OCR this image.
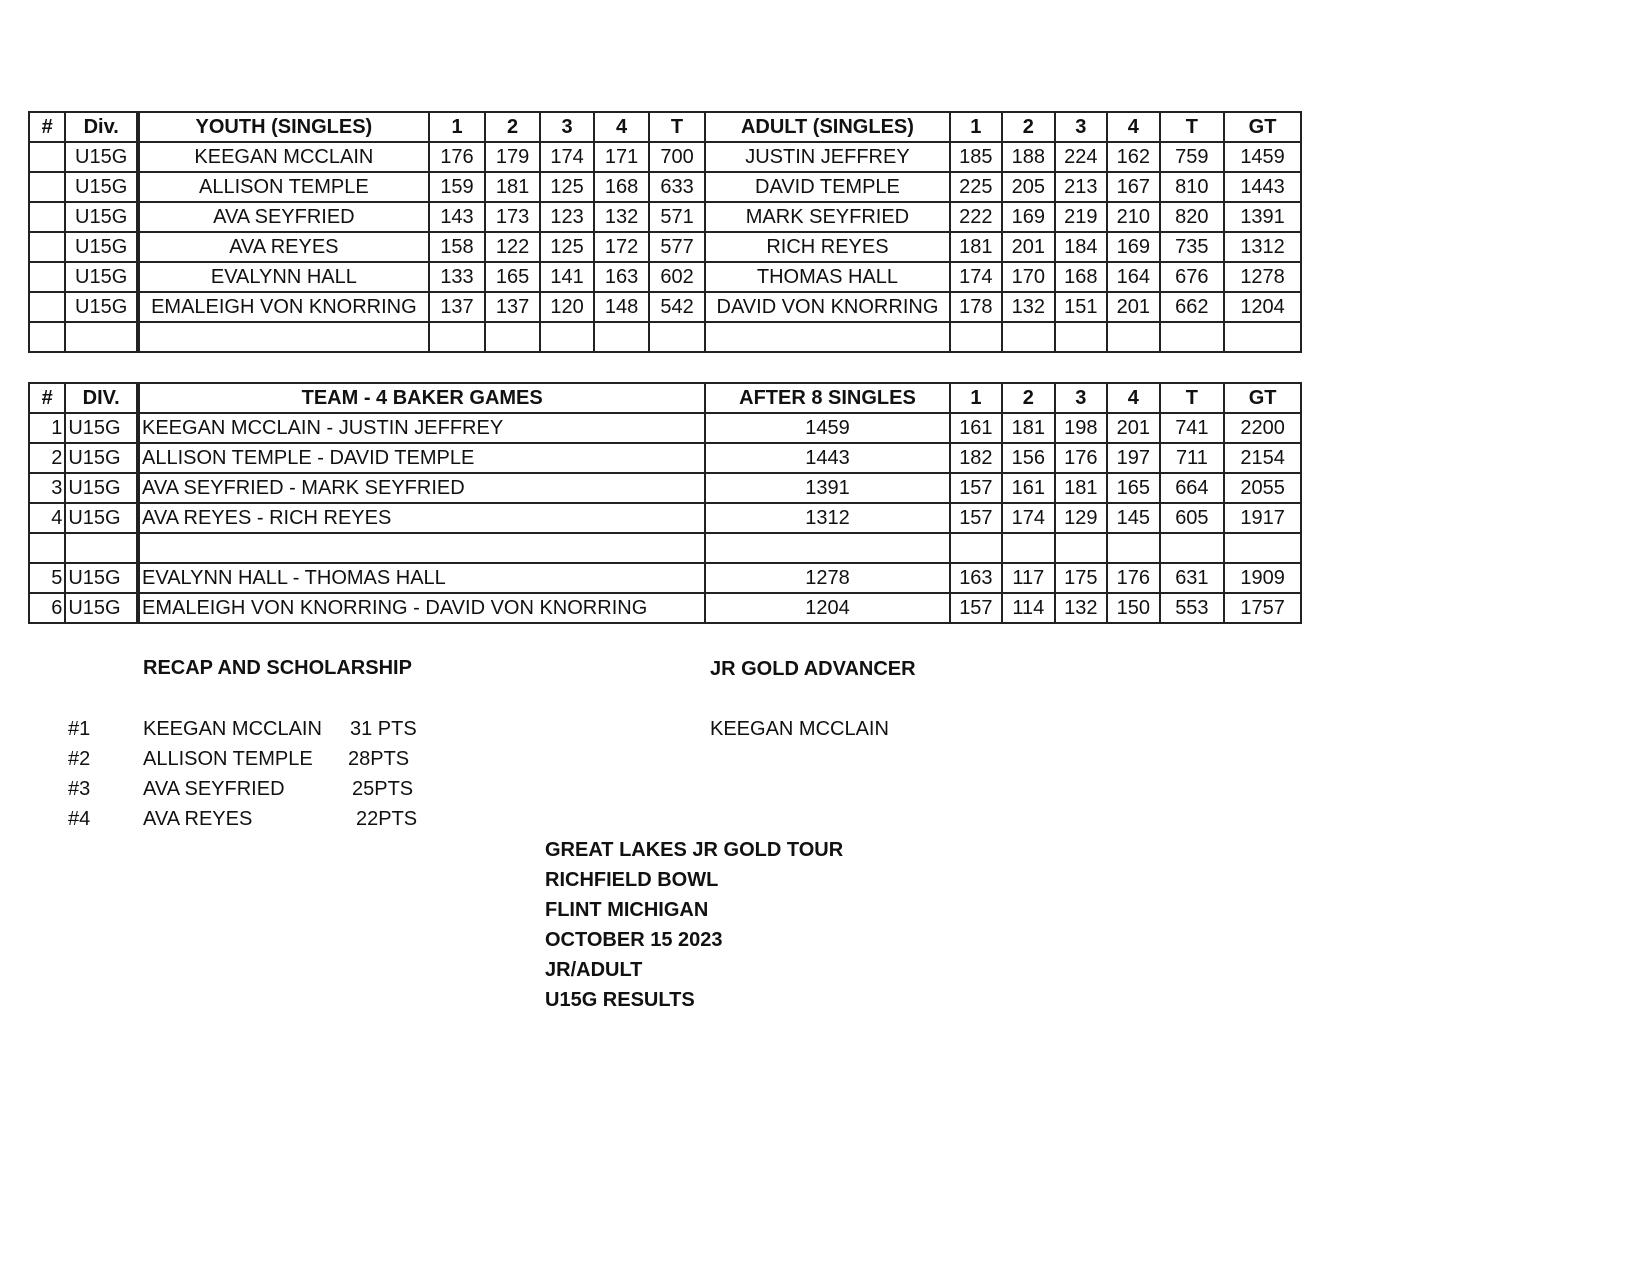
#	Div.	YOUTH (SINGLES)	1	2	3	4	T	ADULT (SINGLES)	1	2	3	4	T	GT
	U15G	KEEGAN MCCLAIN	176	179	174	171	700	JUSTIN JEFFREY	185	188	224	162	759	1459
	U15G	ALLISON TEMPLE	159	181	125	168	633	DAVID TEMPLE	225	205	213	167	810	1443
	U15G	AVA SEYFRIED	143	173	123	132	571	MARK SEYFRIED	222	169	219	210	820	1391
	U15G	AVA REYES	158	122	125	172	577	RICH REYES	181	201	184	169	735	1312
	U15G	EVALYNN HALL	133	165	141	163	602	THOMAS HALL	174	170	168	164	676	1278
	U15G	EMALEIGH VON KNORRING	137	137	120	148	542	DAVID VON KNORRING	178	132	151	201	662	1204

#	DIV.	TEAM - 4 BAKER GAMES	AFTER 8 SINGLES	1	2	3	4	T	GT
1	U15G	KEEGAN MCCLAIN - JUSTIN JEFFREY	1459	161	181	198	201	741	2200
2	U15G	ALLISON TEMPLE - DAVID TEMPLE	1443	182	156	176	197	711	2154
3	U15G	AVA SEYFRIED - MARK SEYFRIED	1391	157	161	181	165	664	2055
4	U15G	AVA REYES - RICH REYES	1312	157	174	129	145	605	1917

5	U15G	EVALYNN HALL - THOMAS HALL	1278	163	117	175	176	631	1909
6	U15G	EMALEIGH VON KNORRING - DAVID VON KNORRING	1204	157	114	132	150	553	1757
RECAP AND SCHOLARSHIP
#1	KEEGAN MCCLAIN 31 PTS
#2	ALLISON TEMPLE 28PTS
#3	AVA SEYFRIED	25PTS
#4	AVA REYES	22PTS
JR GOLD ADVANCER
KEEGAN MCCLAIN
GREAT LAKES JR GOLD TOUR
RICHFIELD BOWL
FLINT MICHIGAN
OCTOBER 15 2023
JR/ADULT
U15G RESULTS
